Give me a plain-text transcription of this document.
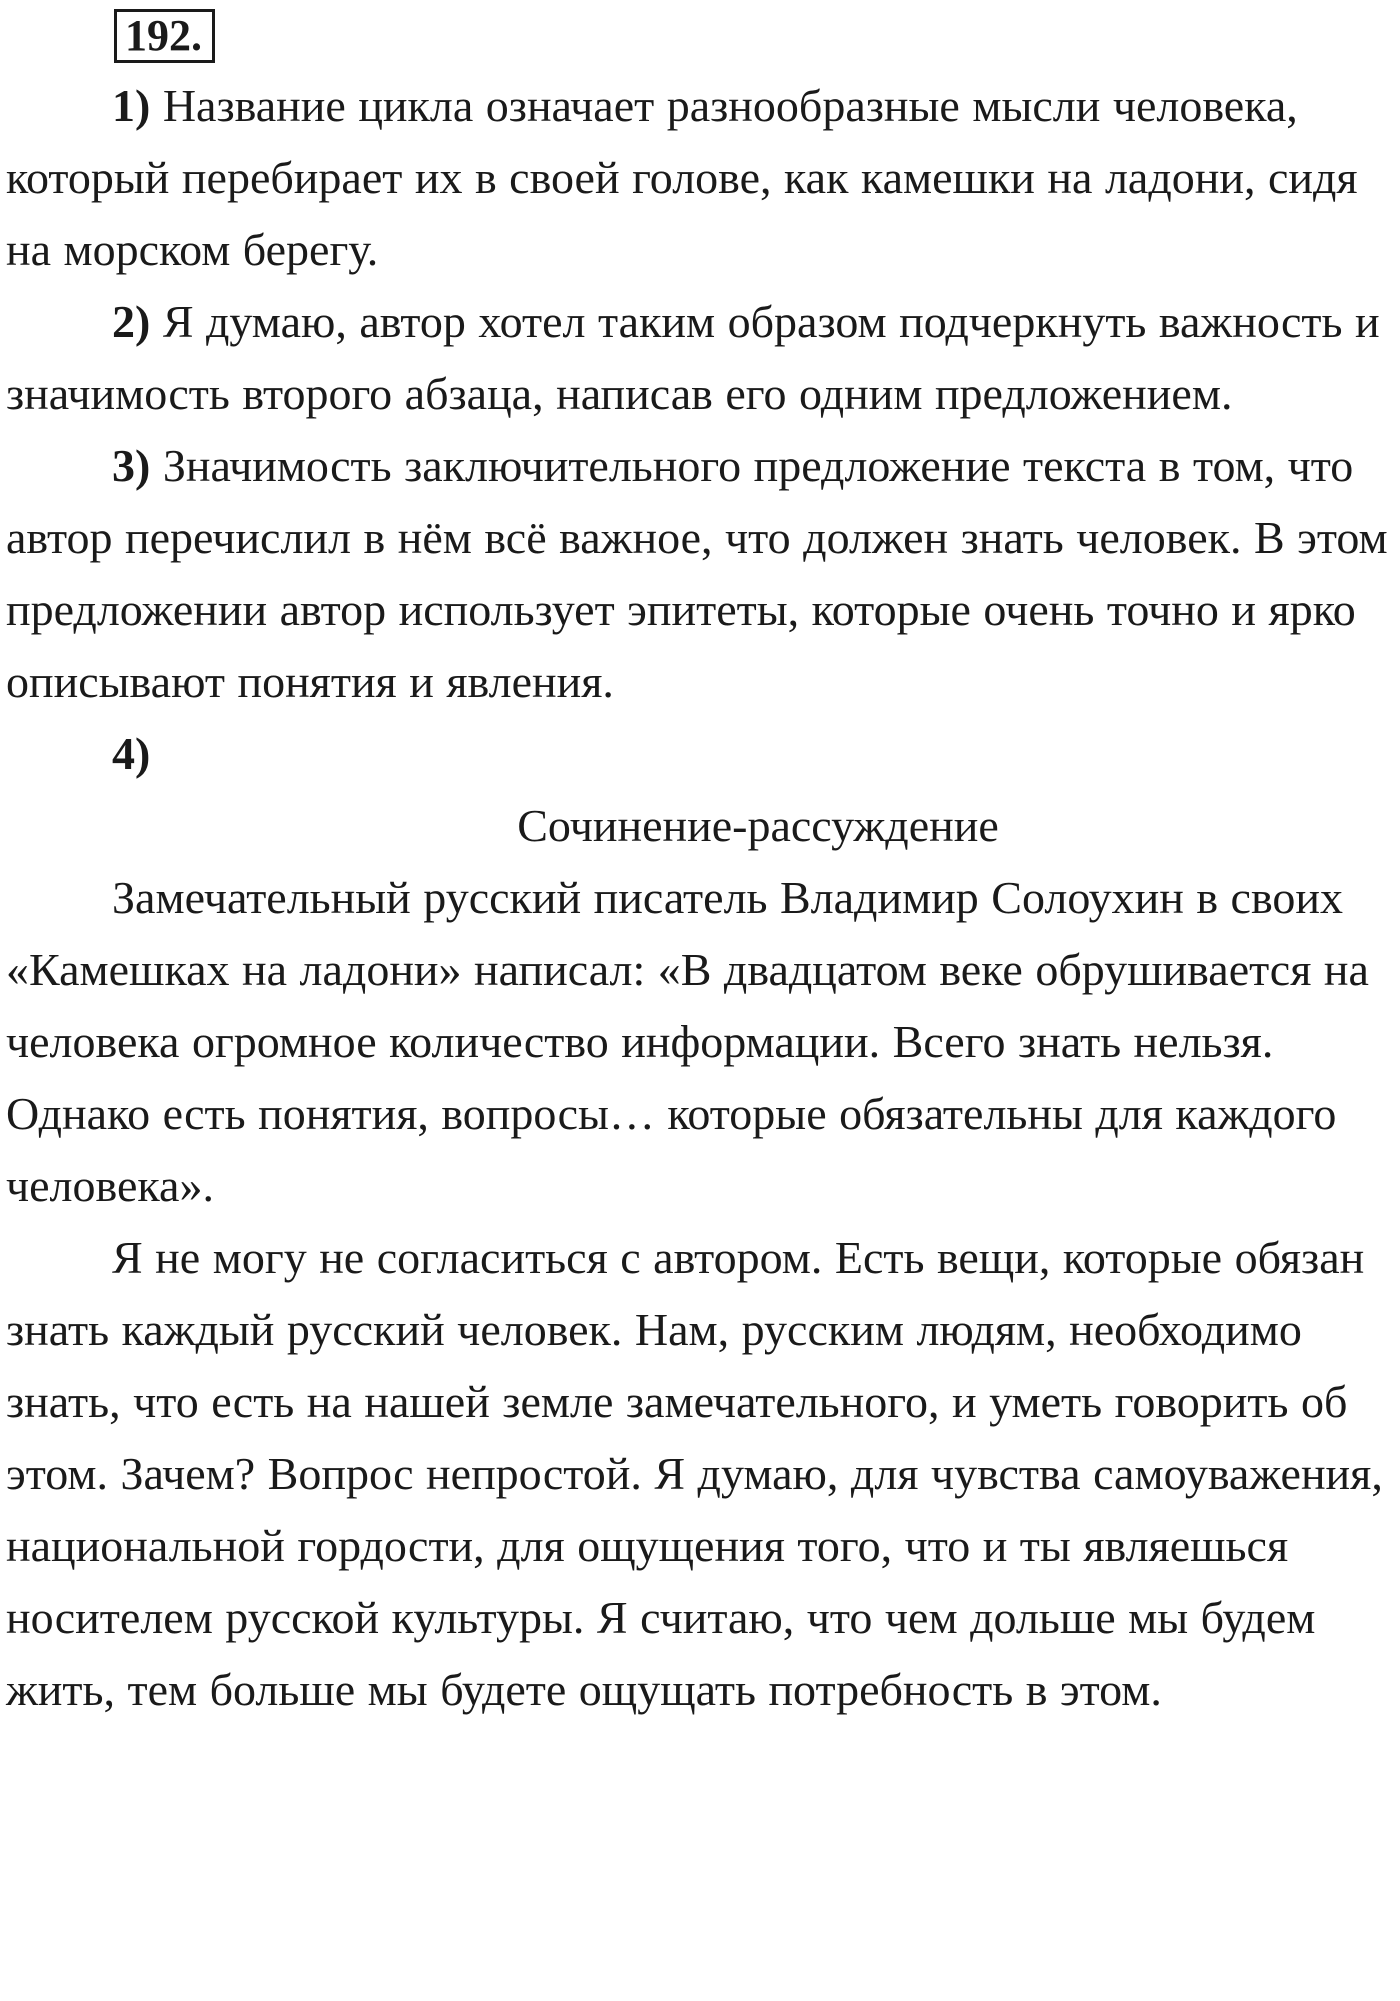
192.

1) Название цикла означает разнообразные мысли человека, который перебирает их в своей голове, как камешки на ладони, сидя на морском берегу.

2) Я думаю, автор хотел таким образом подчеркнуть важность и значимость второго абзаца, написав его одним предложением.

3) Значимость заключительного предложение текста в том, что автор перечислил в нём всё важное, что должен знать человек. В этом предложении автор использует эпитеты, которые очень точно и ярко описывают понятия и явления.

4)

Сочинение-рассуждение

Замечательный русский писатель Владимир Солоухин в своих «Камешках на ладони» написал: «В двадцатом веке обрушивается на человека огромное количество информации. Всего знать нельзя. Однако есть понятия, вопросы… которые обязательны для каждого человека».

Я не могу не согласиться с автором. Есть вещи, которые обязан знать каждый русский человек. Нам, русским людям, необходимо знать, что есть на нашей земле замечательного, и уметь говорить об этом. Зачем? Вопрос непростой. Я думаю, для чувства самоуважения, национальной гордости, для ощущения того, что и ты являешься носителем русской культуры. Я считаю, что чем дольше мы будем жить, тем больше мы будете ощущать потребность в этом.
